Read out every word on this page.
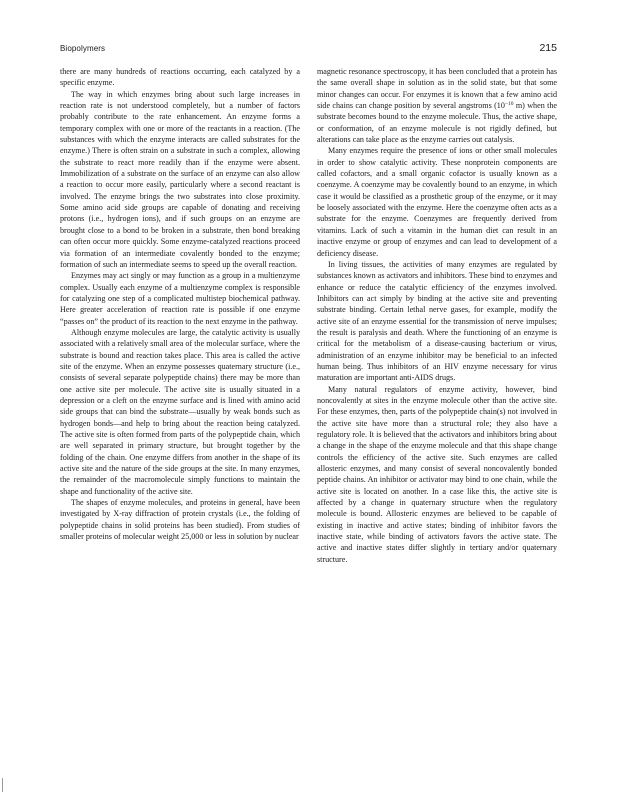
Biopolymers	215

there are many hundreds of reactions occurring, each catalyzed by a specific enzyme.

The way in which enzymes bring about such large increases in reaction rate is not understood completely, but a number of factors probably contribute to the rate enhancement. An enzyme forms a temporary complex with one or more of the reactants in a reaction. (The substances with which the enzyme interacts are called substrates for the enzyme.) There is often strain on a substrate in such a complex, allowing the substrate to react more readily than if the enzyme were absent. Immobilization of a substrate on the surface of an enzyme can also allow a reaction to occur more easily, particularly where a second reactant is involved. The enzyme brings the two substrates into close proximity. Some amino acid side groups are capable of donating and receiving protons (i.e., hydrogen ions), and if such groups on an enzyme are brought close to a bond to be broken in a substrate, then bond breaking can often occur more quickly. Some enzyme-catalyzed reactions proceed via formation of an intermediate covalently bonded to the enzyme; formation of such an intermediate seems to speed up the overall reaction.

Enzymes may act singly or may function as a group in a multienzyme complex. Usually each enzyme of a multienzyme complex is responsible for catalyzing one step of a complicated multistep biochemical pathway. Here greater acceleration of reaction rate is possible if one enzyme “passes on” the product of its reaction to the next enzyme in the pathway.

Although enzyme molecules are large, the catalytic activity is usually associated with a relatively small area of the molecular surface, where the substrate is bound and reaction takes place. This area is called the active site of the enzyme. When an enzyme possesses quaternary structure (i.e., consists of several separate polypeptide chains) there may be more than one active site per molecule. The active site is usually situated in a depression or a cleft on the enzyme surface and is lined with amino acid side groups that can bind the substrate—usually by weak bonds such as hydrogen bonds—and help to bring about the reaction being catalyzed. The active site is often formed from parts of the polypeptide chain, which are well separated in primary structure, but brought together by the folding of the chain. One enzyme differs from another in the shape of its active site and the nature of the side groups at the site. In many enzymes, the remainder of the macromolecule simply functions to maintain the shape and functionality of the active site.

The shapes of enzyme molecules, and proteins in general, have been investigated by X-ray diffraction of protein crystals (i.e., the folding of polypeptide chains in solid proteins has been studied). From studies of smaller proteins of molecular weight 25,000 or less in solution by nuclear

magnetic resonance spectroscopy, it has been concluded that a protein has the same overall shape in solution as in the solid state, but that some minor changes can occur. For enzymes it is known that a few amino acid side chains can change position by several angstroms ($10^{-10}$ m) when the substrate becomes bound to the enzyme molecule. Thus, the active shape, or conformation, of an enzyme molecule is not rigidly defined, but alterations can take place as the enzyme carries out catalysis.

Many enzymes require the presence of ions or other small molecules in order to show catalytic activity. These nonprotein components are called cofactors, and a small organic cofactor is usually known as a coenzyme. A coenzyme may be covalently bound to an enzyme, in which case it would be classified as a prosthetic group of the enzyme, or it may be loosely associated with the enzyme. Here the coenzyme often acts as a substrate for the enzyme. Coenzymes are frequently derived from vitamins. Lack of such a vitamin in the human diet can result in an inactive enzyme or group of enzymes and can lead to development of a deficiency disease.

In living tissues, the activities of many enzymes are regulated by substances known as activators and inhibitors. These bind to enzymes and enhance or reduce the catalytic efficiency of the enzymes involved. Inhibitors can act simply by binding at the active site and preventing substrate binding. Certain lethal nerve gases, for example, modify the active site of an enzyme essential for the transmission of nerve impulses; the result is paralysis and death. Where the functioning of an enzyme is critical for the metabolism of a disease-causing bacterium or virus, administration of an enzyme inhibitor may be beneficial to an infected human being. Thus inhibitors of an HIV enzyme necessary for virus maturation are important anti-AIDS drugs.

Many natural regulators of enzyme activity, however, bind noncovalently at sites in the enzyme molecule other than the active site. For these enzymes, then, parts of the polypeptide chain(s) not involved in the active site have more than a structural role; they also have a regulatory role. It is believed that the activators and inhibitors bring about a change in the shape of the enzyme molecule and that this shape change controls the efficiency of the active site. Such enzymes are called allosteric enzymes, and many consist of several noncovalently bonded peptide chains. An inhibitor or activator may bind to one chain, while the active site is located on another. In a case like this, the active site is affected by a change in quaternary structure when the regulatory molecule is bound. Allosteric enzymes are believed to be capable of existing in inactive and active states; binding of inhibitor favors the inactive state, while binding of activators favors the active state. The active and inactive states differ slightly in tertiary and/or quaternary structure.
